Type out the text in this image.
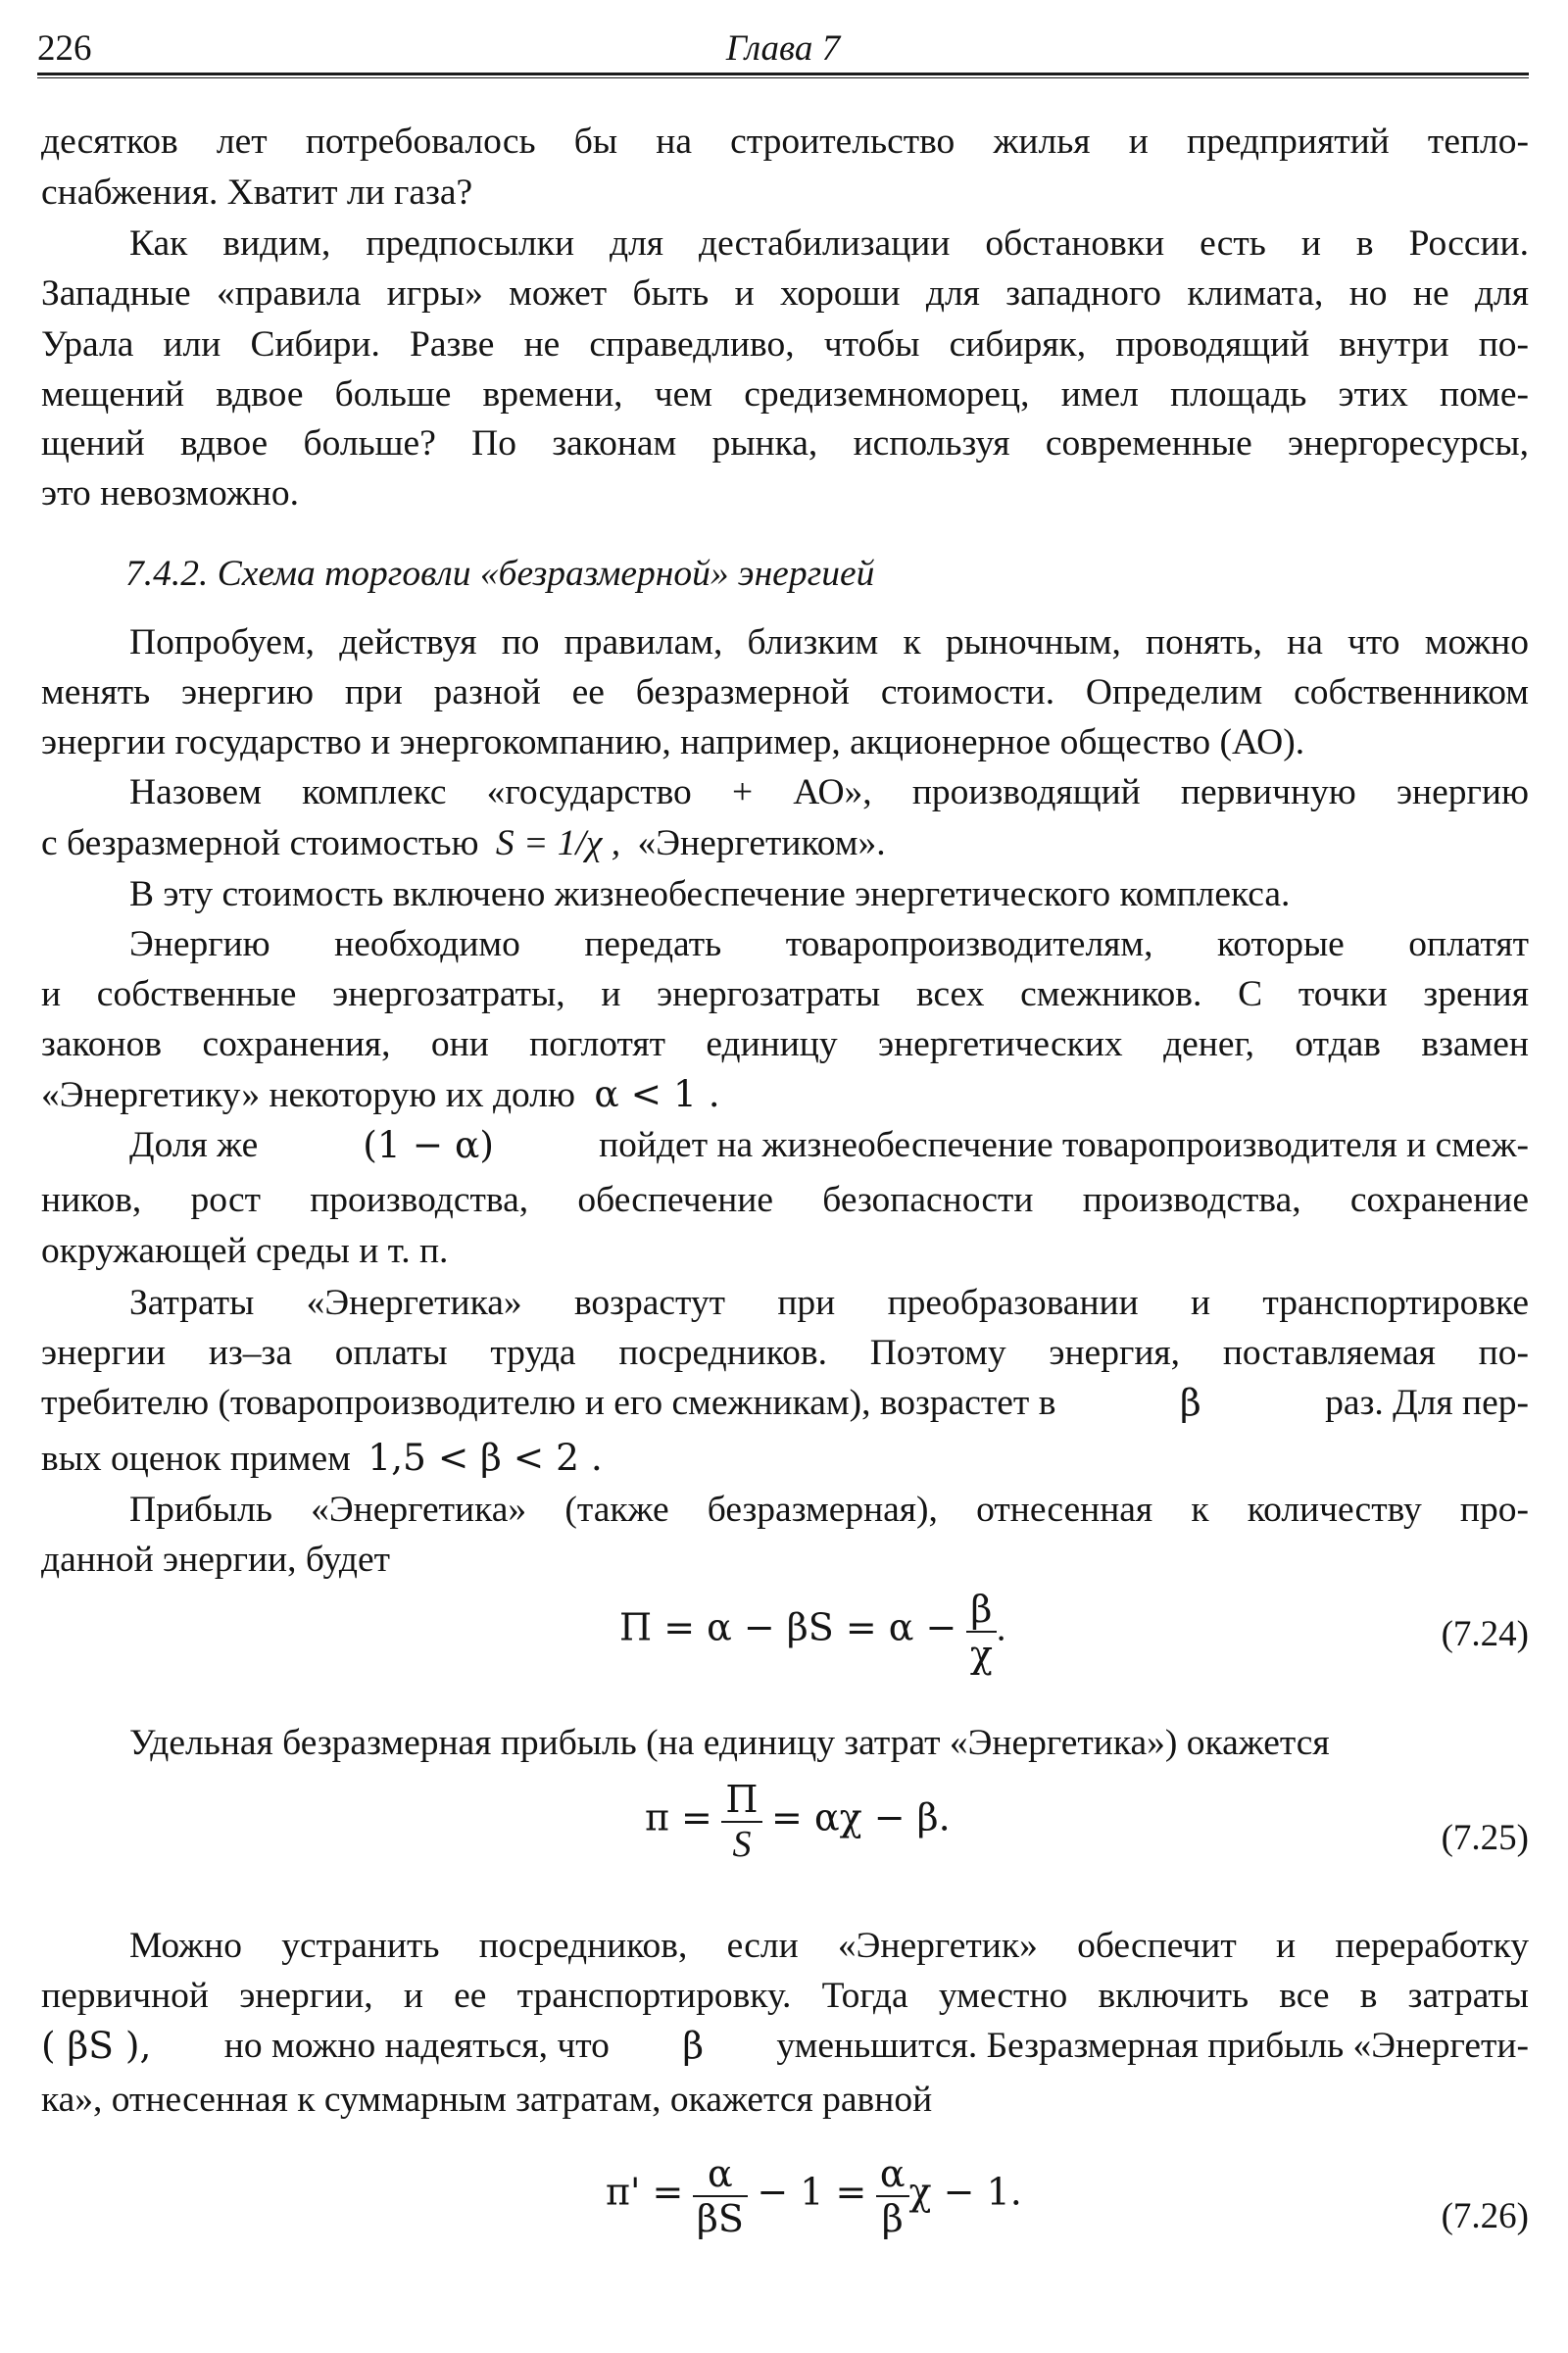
226	Глава 7
десятков лет потребовалось бы на строительство жилья и предприятий тепло-
снабжения. Хватит ли газа?
Как видим, предпосылки для дестабилизации обстановки есть и в России.
Западные «правила игры» может быть и хороши для западного климата, но не для
Урала или Сибири. Разве не справедливо, чтобы сибиряк, проводящий внутри по-
мещений вдвое больше времени, чем средиземноморец, имел площадь этих поме-
щений вдвое больше? По законам рынка, используя современные энергоресурсы,
это невозможно.
7.4.2. Схема торговли «безразмерной» энергией
Попробуем, действуя по правилам, близким к рыночным, понять, на что можно
менять энергию при разной ее безразмерной стоимости. Определим собственником
энергии государство и энергокомпанию, например, акционерное общество (АО).
Назовем комплекс «государство + АО», производящий первичную энергию
с безразмерной стоимостью S = 1/χ , «Энергетиком».
В эту стоимость включено жизнеобеспечение энергетического комплекса.
Энергию необходимо передать товаропроизводителям, которые оплатят
и собственные энергозатраты, и энергозатраты всех смежников. С точки зрения
законов сохранения, они поглотят единицу энергетических денег, отдав взамен
«Энергетику» некоторую их долю α < 1 .
Доля же	(1 − α)	пойдет на жизнеобеспечение товаропроизводителя и смеж-
ников, рост производства, обеспечение безопасности производства, сохранение
окружающей среды и т. п.
Затраты «Энергетика» возрастут при преобразовании и транспортировке
энергии из–за оплаты труда посредников. Поэтому энергия, поставляемая по-
требителю (товаропроизводителю и его смежникам), возрастет в	β	раз. Для пер-
вых оценок примем 1,5 < β < 2 .
Прибыль «Энергетика» (также безразмерная), отнесенная к количеству про-
данной энергии, будет
$\Pi = \alpha - \beta S = \alpha - \frac{\beta}{\chi}$ .	(7.24)
Удельная безразмерная прибыль (на единицу затрат «Энергетика») окажется
$\pi = \frac{\Pi}{S} = \alpha\chi - \beta$.	(7.25)
Можно устранить посредников, если «Энергетик» обеспечит и переработку
первичной энергии, и ее транспортировку. Тогда уместно включить все в затраты
( βS ), но можно надеяться, что β уменьшится. Безразмерная прибыль «Энергети-
ка», отнесенная к суммарным затратам, окажется равной
$\pi' = \frac{\alpha}{\beta S} - 1 = \frac{\alpha}{\beta}$ χ − 1.
(7.26)
